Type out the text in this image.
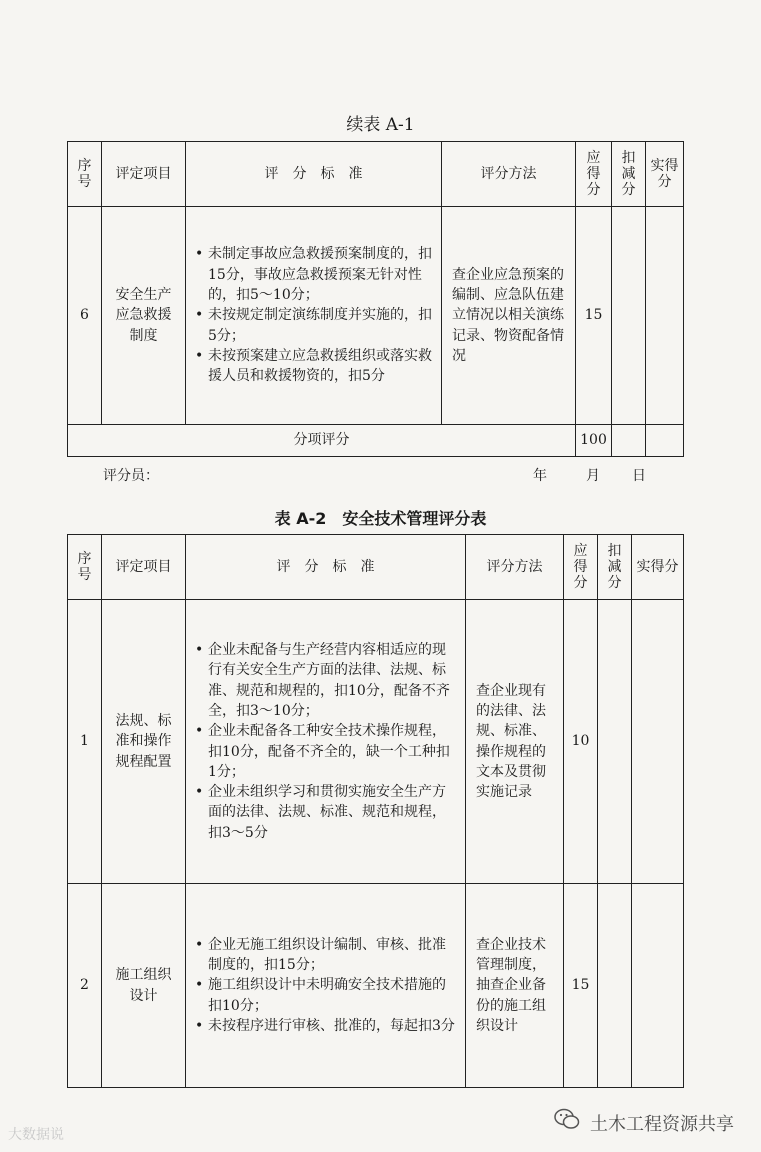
续表 A-1
序号	评定项目	评　分　标　准	评分方法	应得分	扣减分	实得分
6	安全生产应急救援制度	• 未制定事故应急救援预案制度的，扣15分，事故应急救援预案无针对性的，扣5～10分；
• 未按规定制定演练制度并实施的，扣5分；
• 未按预案建立应急救援组织或落实救援人员和救援物资的，扣5分	查企业应急预案的编制、应急队伍建立情况以相关演练记录、物资配备情况	15		
分项评分				100		
评分员：	年	月 日
表 A-2　安全技术管理评分表
序号	评定项目	评　分　标　准	评分方法	应得分	扣减分	实得分
1	法规、标准和操作规程配置	• 企业未配备与生产经营内容相适应的现行有关安全生产方面的法律、法规、标准、规范和规程的，扣10分，配备不齐全，扣3～10分；
• 企业未配备各工种安全技术操作规程，扣10分，配备不齐全的，缺一个工种扣1分；
• 企业未组织学习和贯彻实施安全生产方面的法律、法规、标准、规范和规程，扣3～5分	查企业现有的法律、法规、标准、操作规程的文本及贯彻实施记录	10		
2	施工组织设计	• 企业无施工组织设计编制、审核、批准制度的，扣15分；
• 施工组织设计中未明确安全技术措施的扣10分；
• 未按程序进行审核、批准的，每起扣3分	查企业技术管理制度，抽查企业备份的施工组织设计	15		
大数据说	土木工程资源共享
